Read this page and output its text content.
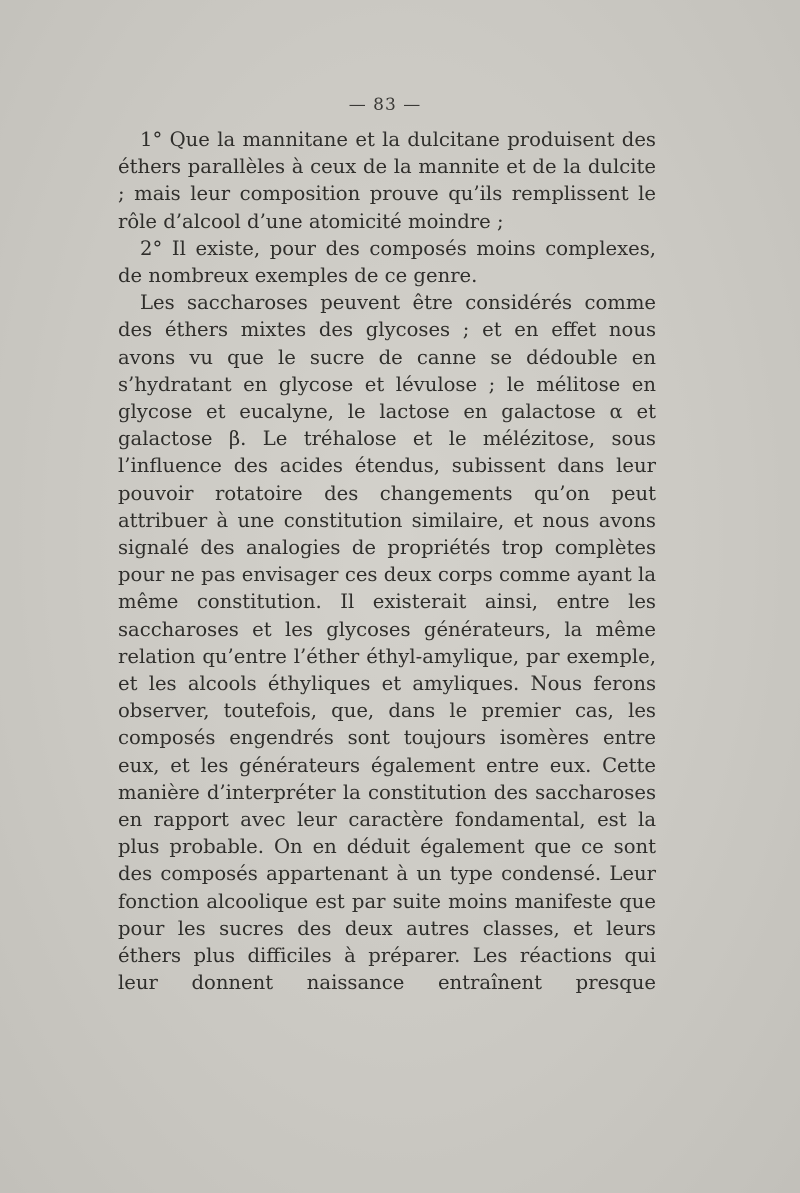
— 83 —

1° Que la mannitane et la dulcitane produisent des éthers parallèles à ceux de la mannite et de la dulcite ; mais leur composition prouve qu’ils remplissent le rôle d’alcool d’une atomicité moindre ;

2° Il existe, pour des composés moins complexes, de nombreux exemples de ce genre.

Les saccharoses peuvent être considérés comme des éthers mixtes des glycoses ; et en effet nous avons vu que le sucre de canne se dédouble en s’hydratant en glycose et lévulose ; le mélitose en glycose et eucalyne, le lactose en galactose α et galactose β. Le tréhalose et le mélézitose, sous l’influence des acides étendus, subissent dans leur pouvoir rotatoire des changements qu’on peut attribuer à une constitution similaire, et nous avons signalé des analogies de propriétés trop complètes pour ne pas envisager ces deux corps comme ayant la même constitution. Il existerait ainsi, entre les saccharoses et les glycoses générateurs, la même relation qu’entre l’éther éthyl-amylique, par exemple, et les alcools éthyliques et amyliques. Nous ferons observer, toutefois, que, dans le premier cas, les composés engendrés sont toujours isomères entre eux, et les générateurs également entre eux. Cette manière d’interpréter la constitution des saccharoses en rapport avec leur caractère fondamental, est la plus probable. On en déduit également que ce sont des composés appartenant à un type condensé. Leur fonction alcoolique est par suite moins manifeste que pour les sucres des deux autres classes, et leurs éthers plus difficiles à préparer. Les réactions qui leur donnent naissance entraînent presque
